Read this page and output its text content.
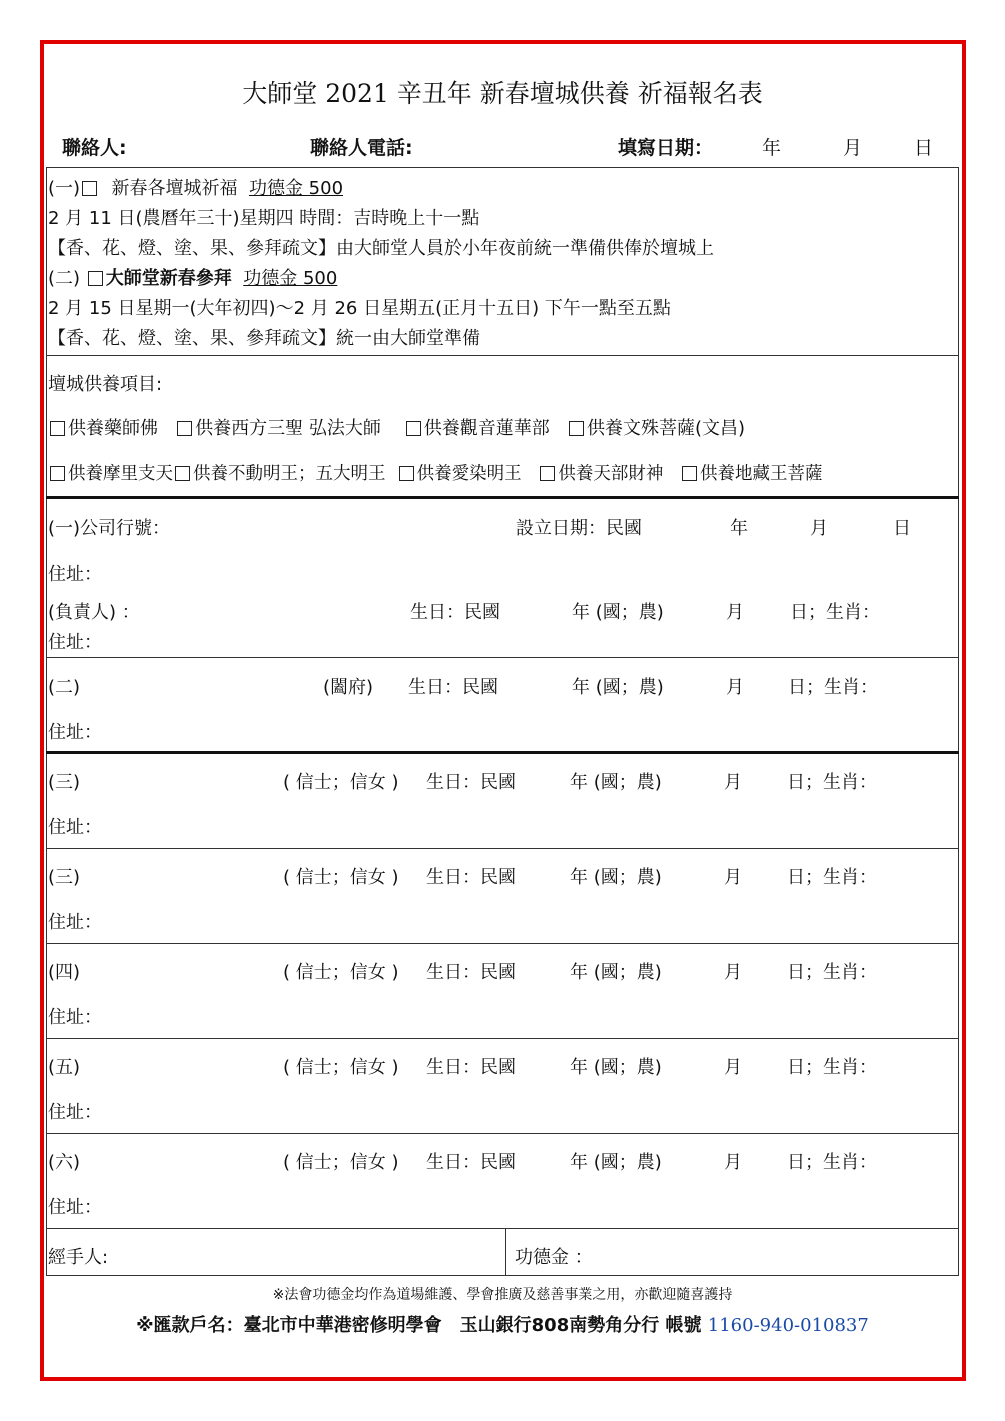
大師堂 2021 辛丑年 新春壇城供養 祈福報名表
聯絡人:	聯絡人電話:	填寫日期：	年	月	日
(一) 新春各壇城祈福 功德金 500
2 月 11 日(農曆年三十)星期四 時間：吉時晚上十一點
【香、花、燈、塗、果、參拜疏文】由大師堂人員於小年夜前統一準備供俸於壇城上
(二) 大師堂新春參拜 功德金 500
2 月 15 日星期一(大年初四)～2 月 26 日星期五(正月十五日) 下午一點至五點
【香、花、燈、塗、果、參拜疏文】統一由大師堂準備
壇城供養項目:
供養藥師佛 供養西方三聖 弘法大師 供養觀音蓮華部 供養文殊菩薩(文昌)
供養摩里支天 供養不動明王；五大明王 供養愛染明王 供養天部財神 供養地藏王菩薩
(一)公司行號：	設立日期：民國	年	月	日
住址：
(負責人) ：	生日：民國	年 (國；農)	月	日；生肖：
住址：
(二)	(闔府) 生日：民國	年 (國；農)	月 日；生肖：
住址：
(三)	( 信士；信女 ) 生日：民國	年 (國；農)	月	日；生肖：
住址：
(三)	( 信士；信女 ) 生日：民國	年 (國；農)	月	日；生肖：
住址：
(四)	( 信士；信女 ) 生日：民國	年 (國；農)	月	日；生肖：
住址：
(五)	( 信士；信女 ) 生日：民國	年 (國；農)	月	日；生肖：
住址：
(六)	( 信士；信女 ) 生日：民國	年 (國；農)	月	日；生肖：
住址：
經手人:	功德金 ：
※法會功德金均作為道場維護、學會推廣及慈善事業之用，亦歡迎隨喜護持
※匯款戶名：臺北市中華港密修明學會　玉山銀行808南勢角分行 帳號 1160-940-010837
